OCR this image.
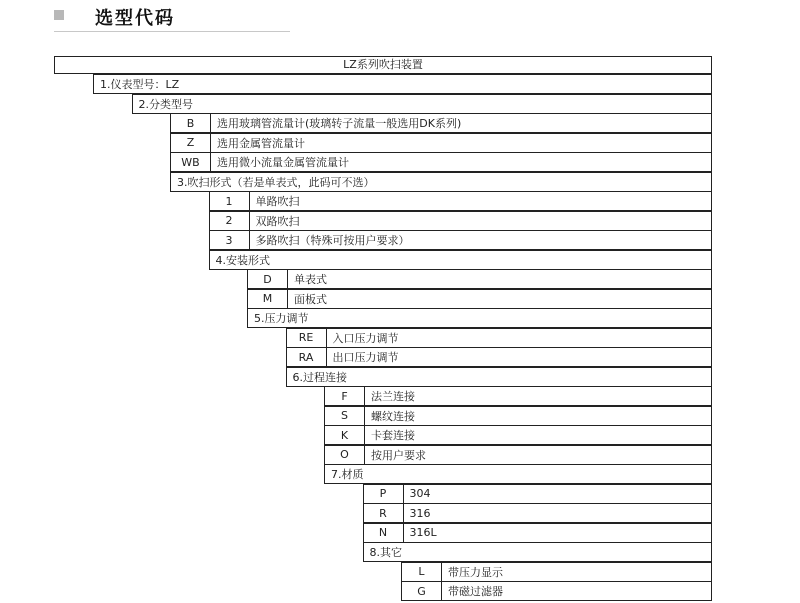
选型代码
LZ系列吹扫装置
1.仪表型号：LZ
2.分类型号
B	选用玻璃管流量计(玻璃转子流量一般选用DK系列)
Z	选用金属管流量计
WB	选用微小流量金属管流量计
3.吹扫形式（若是单表式，此码可不选）
1	单路吹扫
2	双路吹扫
3	多路吹扫（特殊可按用户要求）
4.安装形式
D	单表式
M	面板式
5.压力调节
RE	入口压力调节
RA	出口压力调节
6.过程连接
F	法兰连接
S	螺纹连接
K	卡套连接
O	按用户要求
7.材质
P	304
R	316
N	316L
8.其它
L	带压力显示
G	带磁过滤器
